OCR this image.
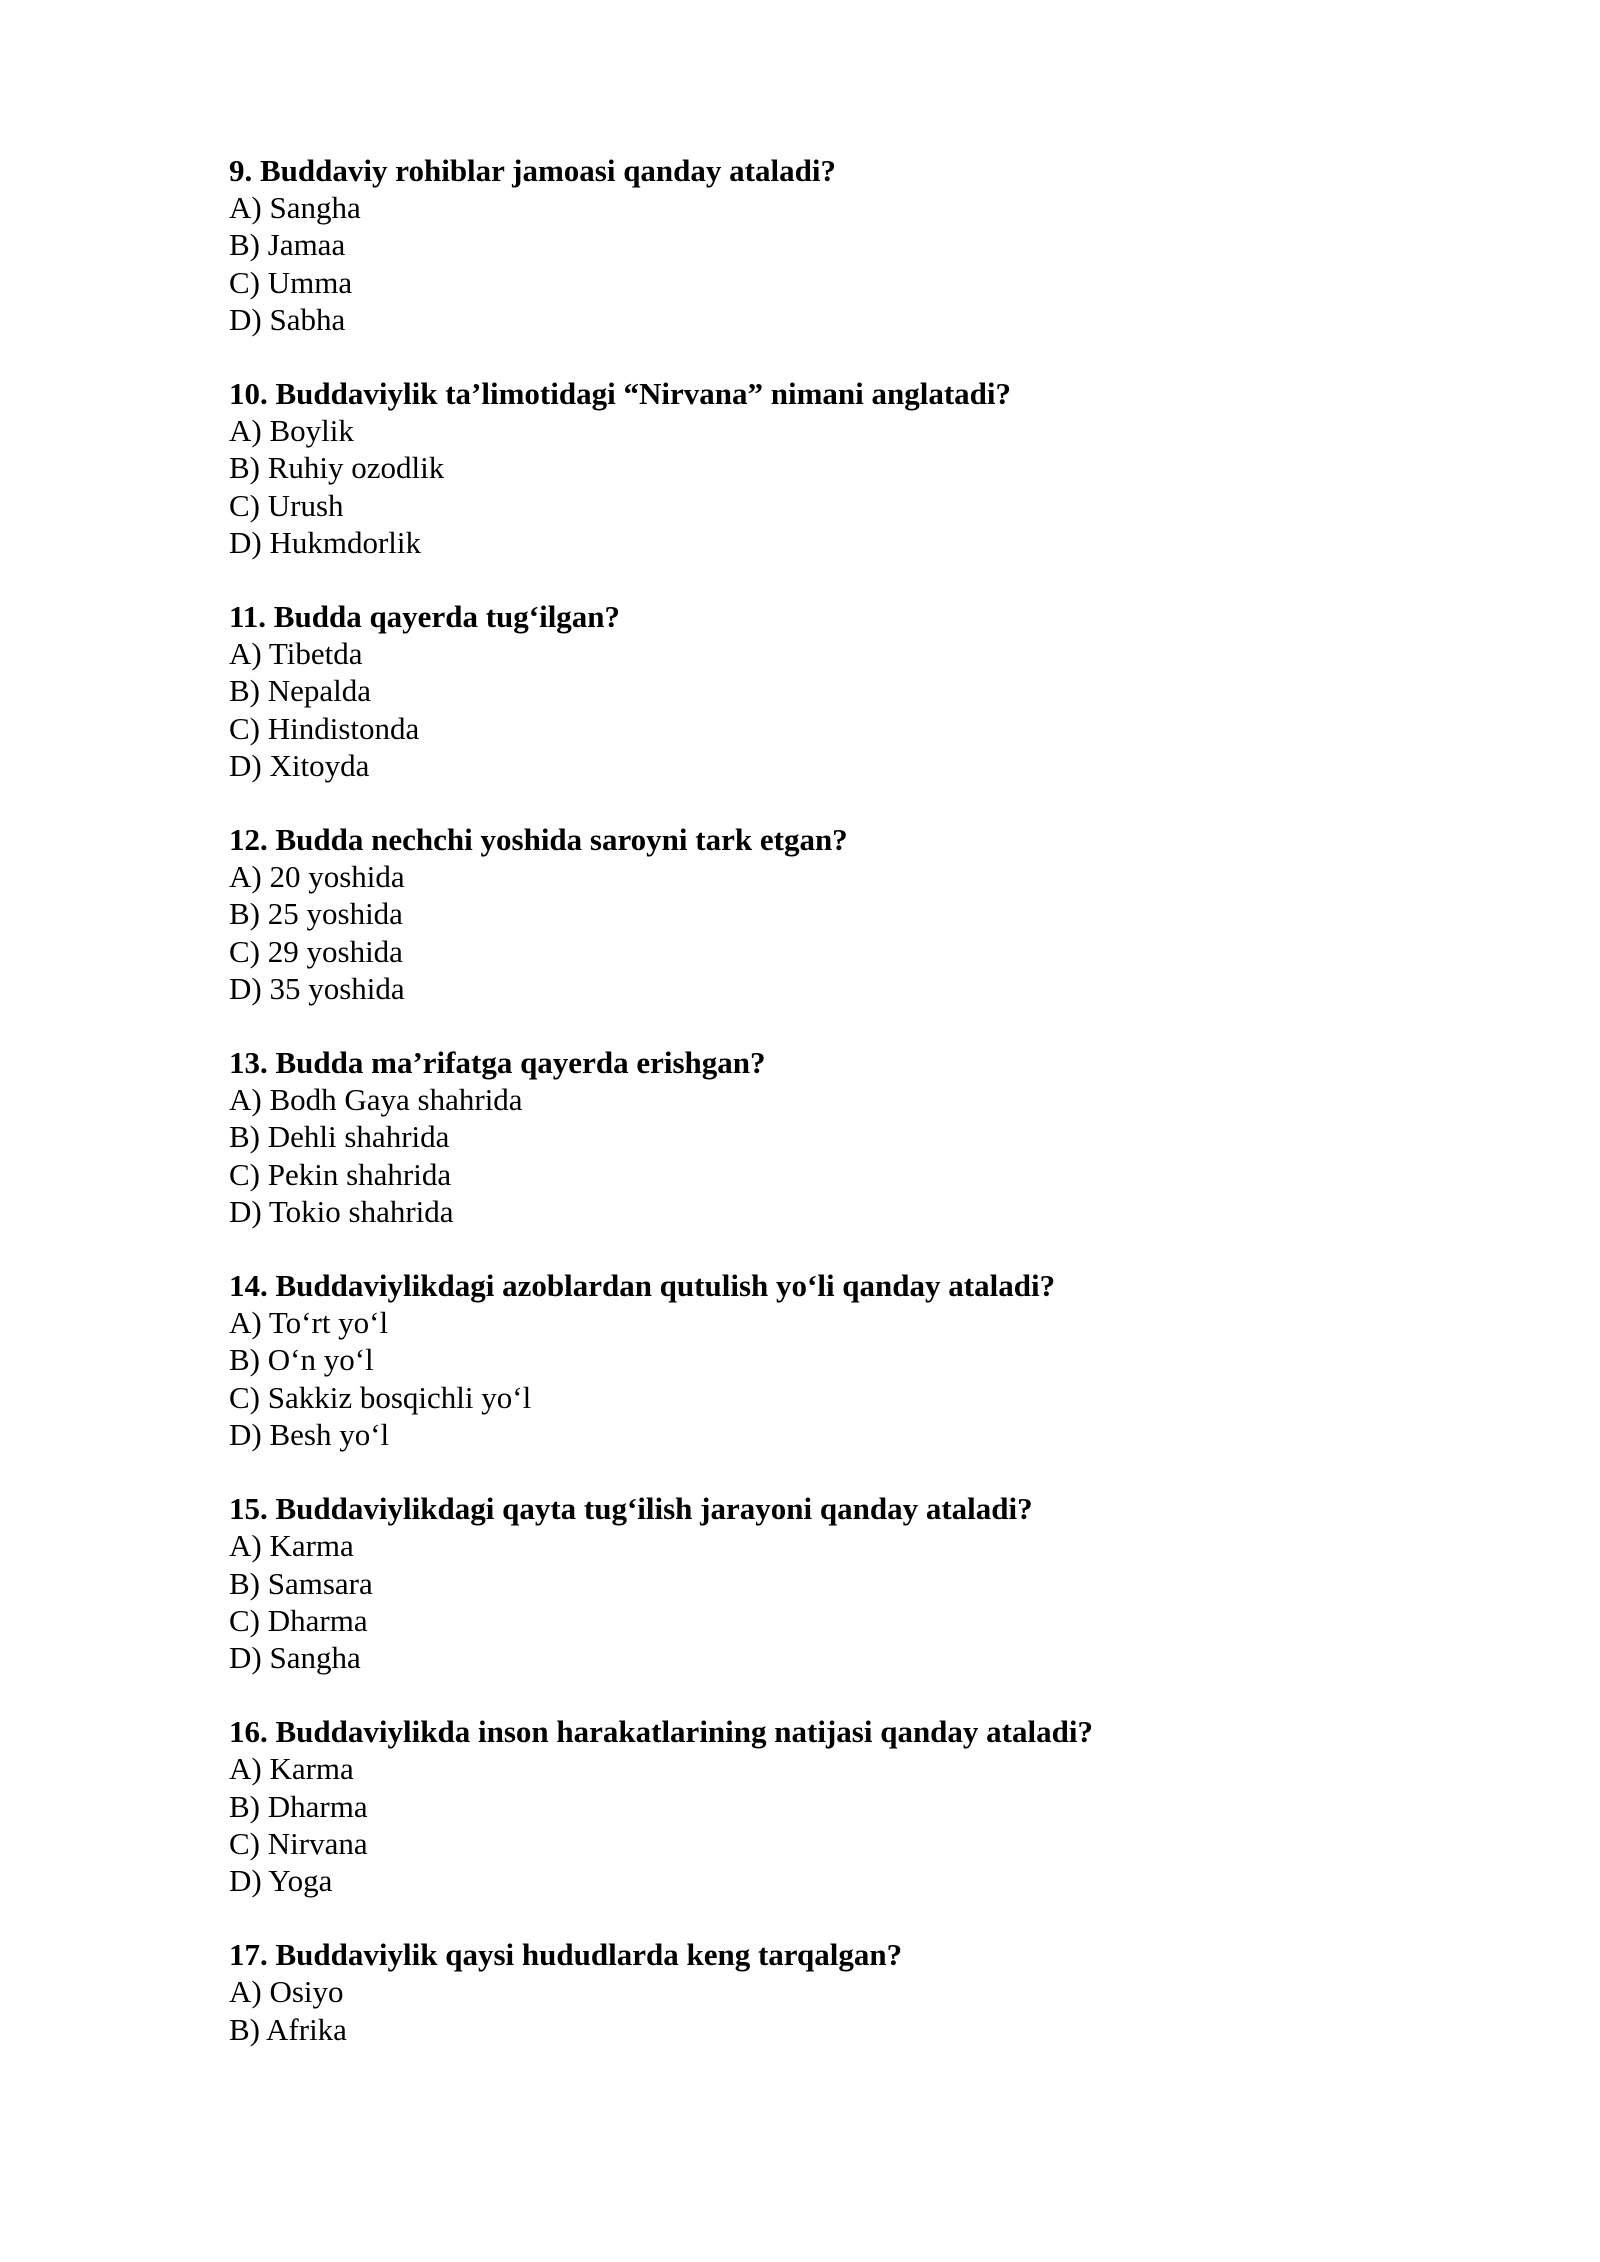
9. Buddaviy rohiblar jamoasi qanday ataladi?
A) Sangha
B) Jamaa
C) Umma
D) Sabha
10. Buddaviylik ta’limotidagi “Nirvana” nimani anglatadi?
A) Boylik
B) Ruhiy ozodlik
C) Urush
D) Hukmdorlik
11. Budda qayerda tug‘ilgan?
A) Tibetda
B) Nepalda
C) Hindistonda
D) Xitoyda
12. Budda nechchi yoshida saroyni tark etgan?
A) 20 yoshida
B) 25 yoshida
C) 29 yoshida
D) 35 yoshida
13. Budda ma’rifatga qayerda erishgan?
A) Bodh Gaya shahrida
B) Dehli shahrida
C) Pekin shahrida
D) Tokio shahrida
14. Buddaviylikdagi azoblardan qutulish yo‘li qanday ataladi?
A) To‘rt yo‘l
B) O‘n yo‘l
C) Sakkiz bosqichli yo‘l
D) Besh yo‘l
15. Buddaviylikdagi qayta tug‘ilish jarayoni qanday ataladi?
A) Karma
B) Samsara
C) Dharma
D) Sangha
16. Buddaviylikda inson harakatlarining natijasi qanday ataladi?
A) Karma
B) Dharma
C) Nirvana
D) Yoga
17. Buddaviylik qaysi hududlarda keng tarqalgan?
A) Osiyo
B) Afrika
